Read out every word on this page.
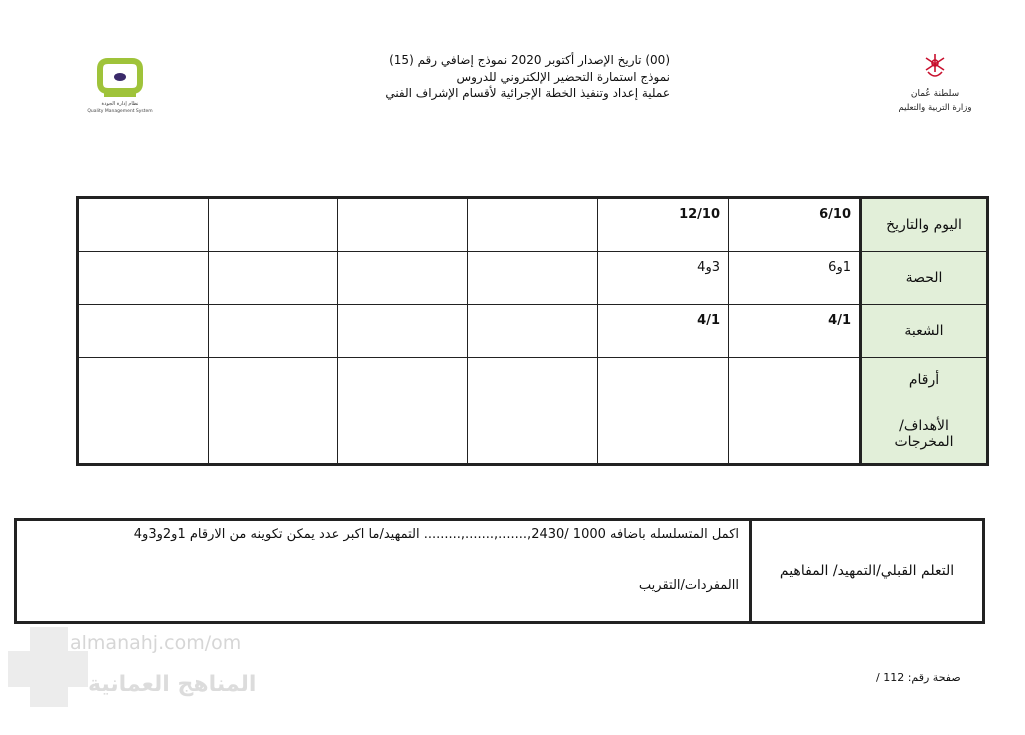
(00) تاريخ الإصدار أكتوبر 2020 نموذج إضافي رقم (15)
نموذج استمارة التحضير الإلكتروني للدروس
عملية إعداد وتنفيذ الخطة الإجرائية لأقسام الإشراف الفني	سلطنة عُمان
وزارة التربية والتعليم
نظام إدارة الجودة
Quality Management System
اليوم والتاريخ	6/10	12/10				

الحصة	1و6	3و4				

الشعبة	4/1	4/1				

أرقام
الأهداف/المخرجات						

التعلم القبلي/التمهيد/ المفاهيم	
اكمل المتسلسله باضافه 1000 /2430,.......,.......,......... التمهيد/ما اكبر عدد يمكن تكوينه من الارقام 1و2و3و4
االمفردات/التقريب
almanahj.com/om
المناهج العمانية	صفحة رقم: 112 /
